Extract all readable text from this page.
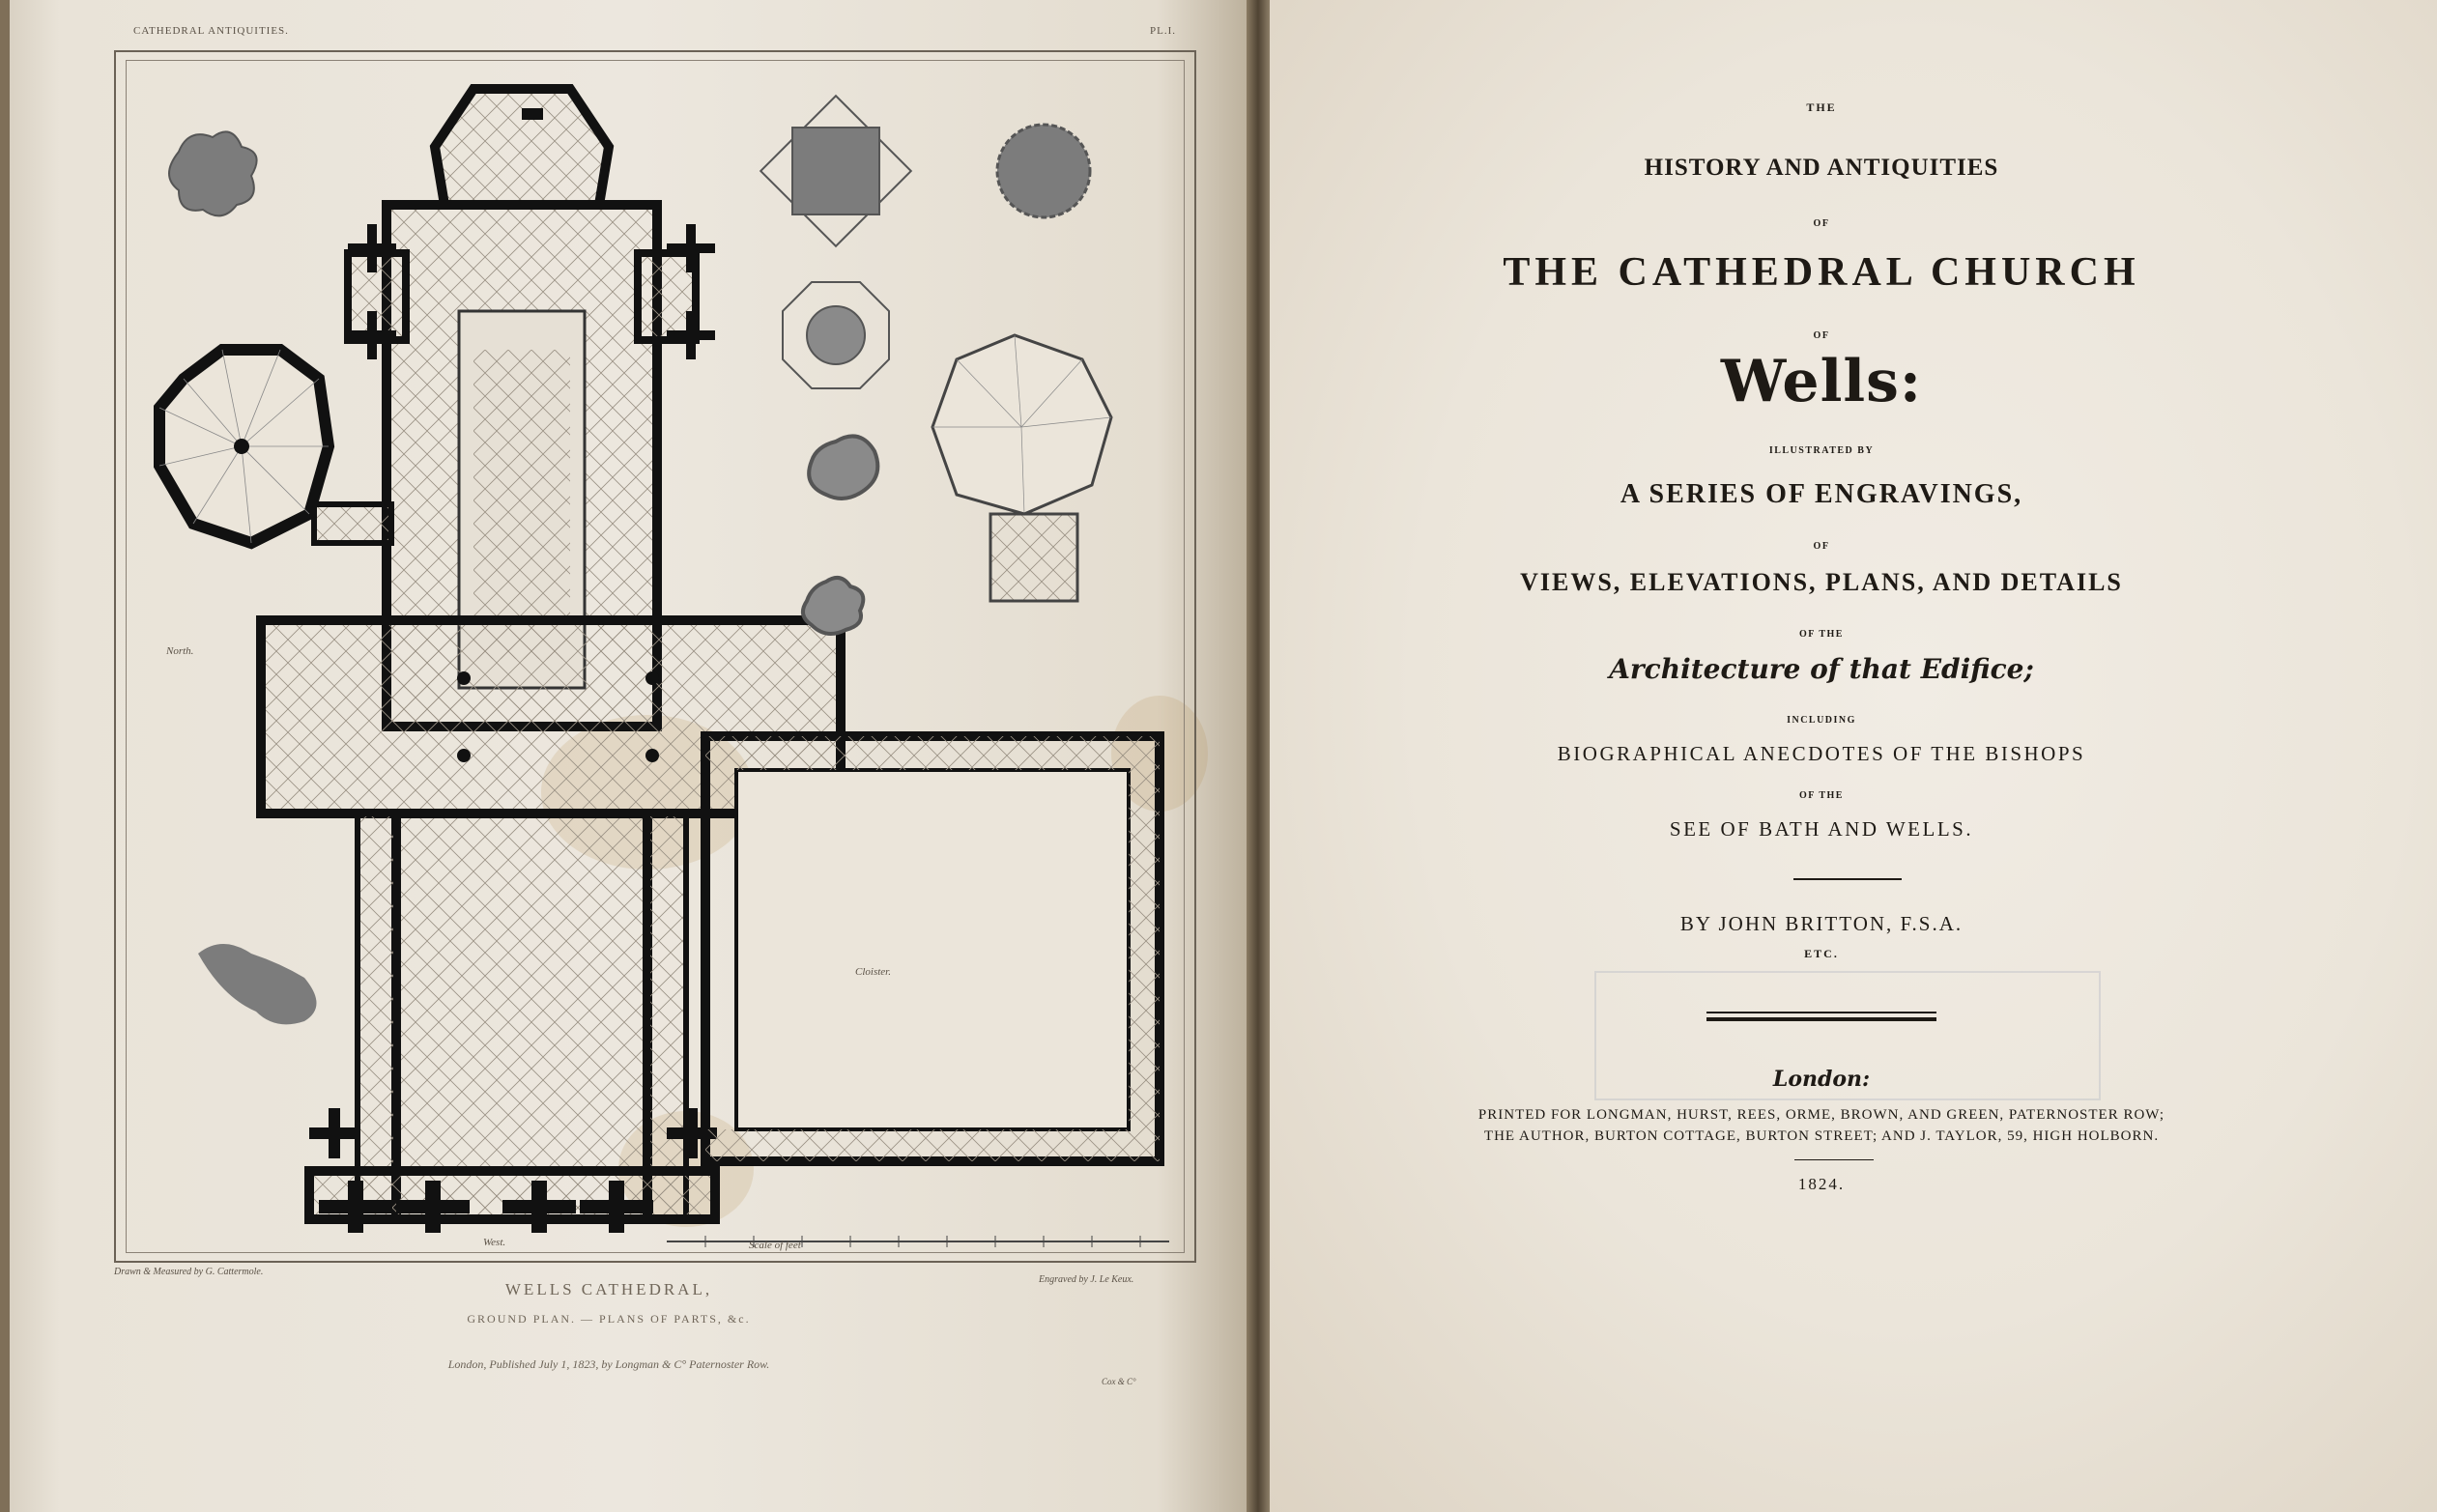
CATHEDRAL ANTIQUITIES.	PL.I.
North.
West.
Cloister.
Scale of feet
Drawn & Measured by G. Cattermole.
Engraved by J. Le Keux.
WELLS CATHEDRAL,
GROUND PLAN. — PLANS OF PARTS, &c.
London, Published July 1, 1823, by Longman & C° Paternoster Row.
Cox & C°
THE
HISTORY AND ANTIQUITIES
OF
THE CATHEDRAL CHURCH
OF
Wells:
ILLUSTRATED BY
A SERIES OF ENGRAVINGS,
OF
VIEWS, ELEVATIONS, PLANS, AND DETAILS
OF THE
Architecture of that Edifice;
INCLUDING
BIOGRAPHICAL ANECDOTES OF THE BISHOPS
OF THE
SEE OF BATH AND WELLS.
BY JOHN BRITTON, F.S.A.
ETC.
London:
PRINTED FOR LONGMAN, HURST, REES, ORME, BROWN, AND GREEN, PATERNOSTER ROW;
THE AUTHOR, BURTON COTTAGE, BURTON STREET; AND J. TAYLOR, 59, HIGH HOLBORN.
1824.
